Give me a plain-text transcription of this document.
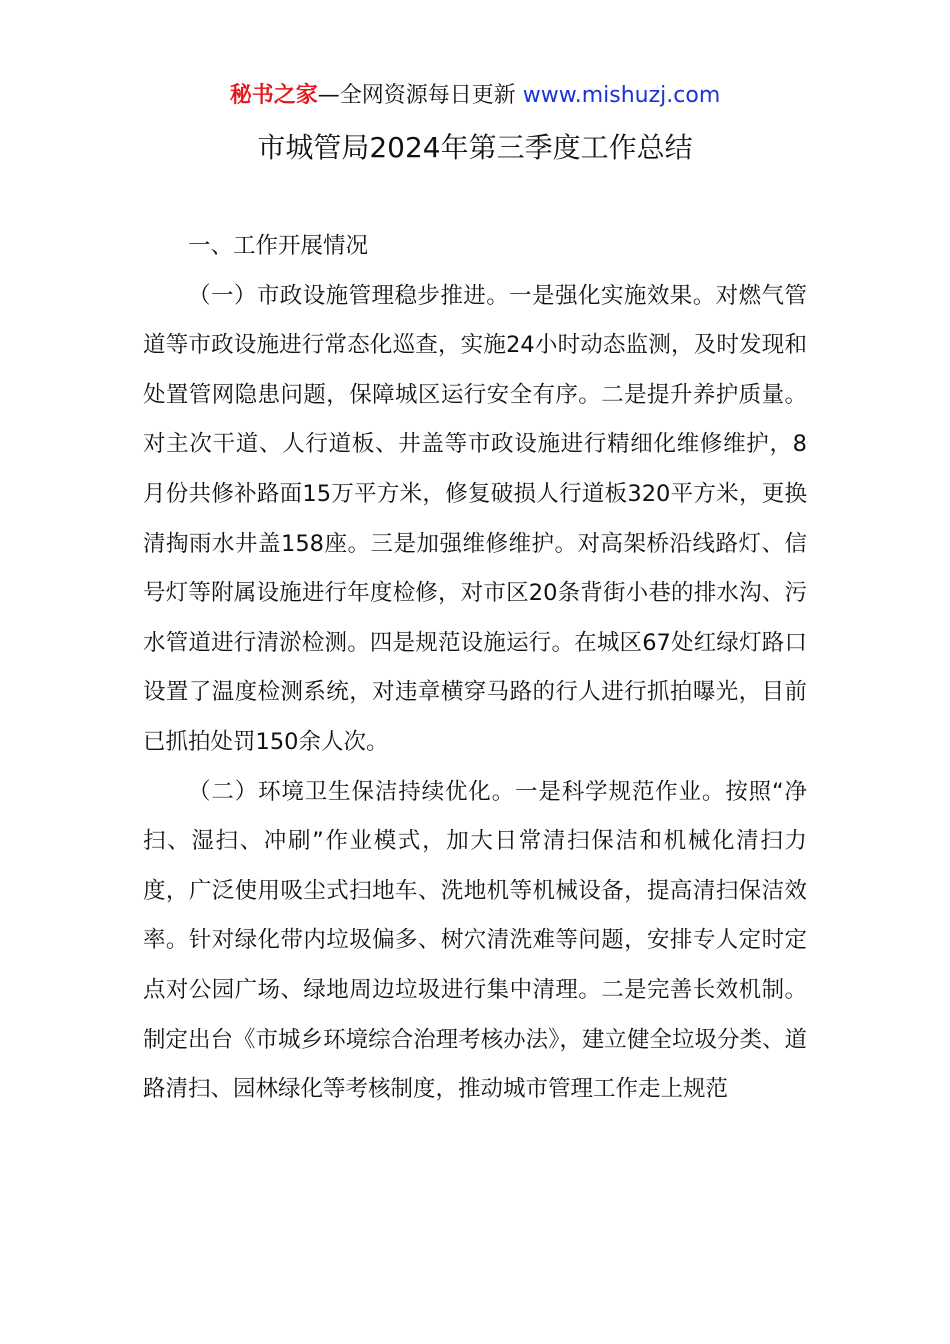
秘书之家—全网资源每日更新 www.mishuzj.com
市城管局2024年第三季度工作总结

一、工作开展情况

（一）市政设施管理稳步推进。一是强化实施效果。对燃气管道等市政设施进行常态化巡查，实施24小时动态监测，及时发现和处置管网隐患问题，保障城区运行安全有序。二是提升养护质量。对主次干道、人行道板、井盖等市政设施进行精细化维修维护，8月份共修补路面15万平方米，修复破损人行道板320平方米，更换清掏雨水井盖158座。三是加强维修维护。对高架桥沿线路灯、信号灯等附属设施进行年度检修，对市区20条背街小巷的排水沟、污水管道进行清淤检测。四是规范设施运行。在城区67处红绿灯路口设置了温度检测系统，对违章横穿马路的行人进行抓拍曝光，目前已抓拍处罚150余人次。

（二）环境卫生保洁持续优化。一是科学规范作业。按照“净扫、湿扫、冲刷”作业模式，加大日常清扫保洁和机械化清扫力度，广泛使用吸尘式扫地车、洗地机等机械设备，提高清扫保洁效率。针对绿化带内垃圾偏多、树穴清洗难等问题，安排专人定时定点对公园广场、绿地周边垃圾进行集中清理。二是完善长效机制。制定出台《市城乡环境综合治理考核办法》，建立健全垃圾分类、道路清扫、园林绿化等考核制度，推动城市管理工作走上规范
